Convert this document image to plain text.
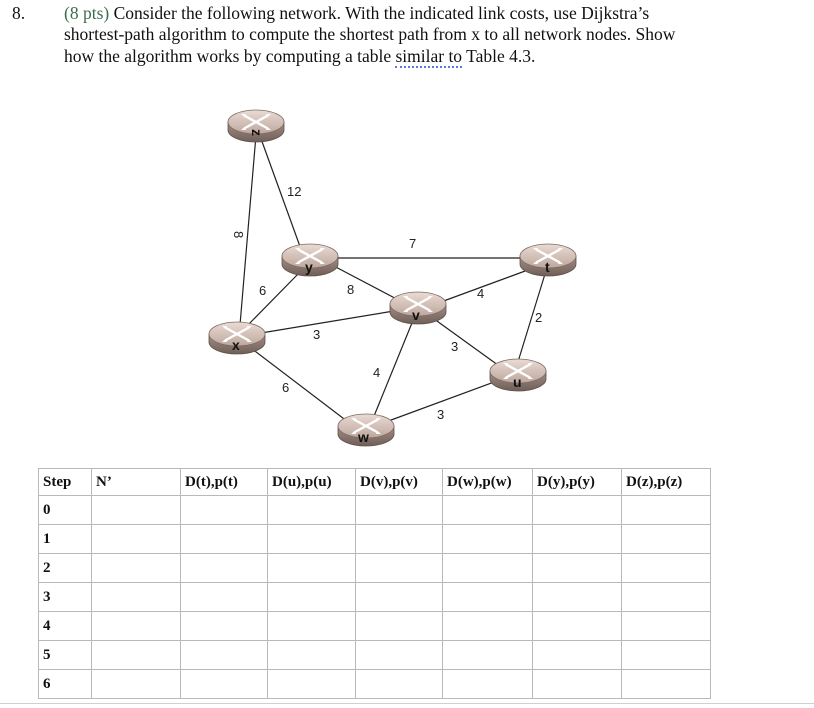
8. (8 pts) Consider the following network. With the indicated link costs, use Dijkstra’s
shortest-path algorithm to compute the shortest path from x to all network nodes. Show
how the algorithm works by computing a table similar to Table 4.3.
8
12
7
6	8
3
4
2
3
6
4
3
z
y	t
v
x
u
w
Step	N’	D(t),p(t)	D(u),p(u)	D(v),p(v)	D(w),p(w)	D(y),p(y)	D(z),p(z)
0							
1							
2							
3							
4							
5							
6							
